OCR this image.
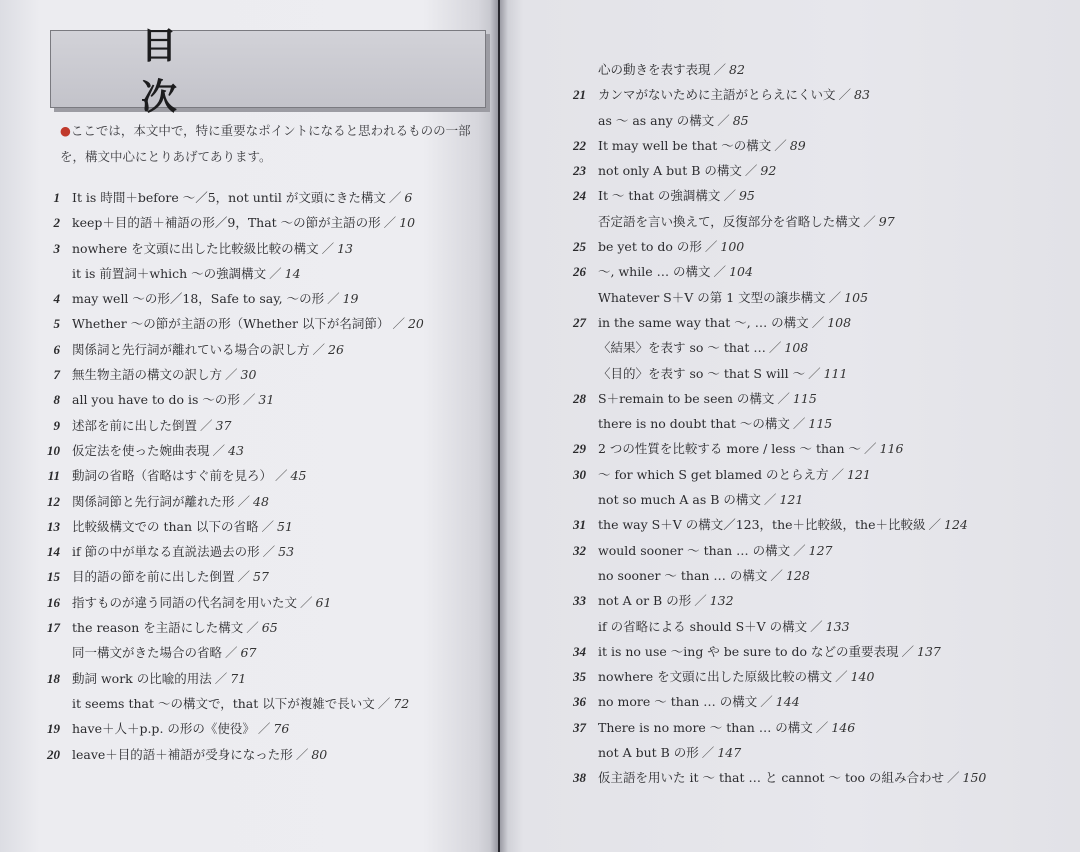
目　次
●ここでは，本文中で，特に重要なポイントになると思われるものの一部を，構文中心にとりあげてあります。
1 It is 時間＋before ～／5，not until が文頭にきた構文 ／ 6
2 keep＋目的語＋補語の形／9，That ～の節が主語の形 ／ 10
3 nowhere を文頭に出した比較級比較の構文 ／ 13
it is 前置詞＋which ～の強調構文 ／ 14
4 may well ～の形／18，Safe to say, ～の形 ／ 19
5 Whether ～の節が主語の形（Whether 以下が名詞節） ／ 20
6 関係詞と先行詞が離れている場合の訳し方 ／ 26
7 無生物主語の構文の訳し方 ／ 30
8 all you have to do is ～の形 ／ 31
9 述部を前に出した倒置 ／ 37
10 仮定法を使った婉曲表現 ／ 43
11 動詞の省略（省略はすぐ前を見ろ） ／ 45
12 関係詞節と先行詞が離れた形 ／ 48
13 比較級構文での than 以下の省略 ／ 51
14 if 節の中が単なる直説法過去の形 ／ 53
15 目的語の節を前に出した倒置 ／ 57
16 指すものが違う同語の代名詞を用いた文 ／ 61
17 the reason を主語にした構文 ／ 65
同一構文がきた場合の省略 ／ 67
18 動詞 work の比喩的用法 ／ 71
it seems that ～の構文で，that 以下が複雑で長い文 ／ 72
19 have＋人＋p.p. の形の《使役》 ／ 76
20 leave＋目的語＋補語が受身になった形 ／ 80
心の動きを表す表現 ／ 82
21 カンマがないために主語がとらえにくい文 ／ 83
as ～ as any の構文 ／ 85
22 It may well be that ～の構文 ／ 89
23 not only A but B の構文 ／ 92
24 It ～ that の強調構文 ／ 95
否定語を言い換えて，反復部分を省略した構文 ／ 97
25 be yet to do の形 ／ 100
26 ～, while … の構文 ／ 104
Whatever S＋V の第 1 文型の譲歩構文 ／ 105
27 in the same way that ～, … の構文 ／ 108
〈結果〉を表す so ～ that … ／ 108
〈目的〉を表す so ～ that S will ～ ／ 111
28 S＋remain to be seen の構文 ／ 115
there is no doubt that ～の構文 ／ 115
29 2 つの性質を比較する more / less ～ than ～ ／ 116
30 ～ for which S get blamed のとらえ方 ／ 121
not so much A as B の構文 ／ 121
31 the way S＋V の構文／123，the＋比較級，the＋比較級 ／ 124
32 would sooner ～ than … の構文 ／ 127
no sooner ～ than … の構文 ／ 128
33 not A or B の形 ／ 132
if の省略による should S＋V の構文 ／ 133
34 it is no use ～ing や be sure to do などの重要表現 ／ 137
35 nowhere を文頭に出した原級比較の構文 ／ 140
36 no more ～ than … の構文 ／ 144
37 There is no more ～ than … の構文 ／ 146
not A but B の形 ／ 147
38 仮主語を用いた it ～ that … と cannot ～ too の組み合わせ ／ 150
